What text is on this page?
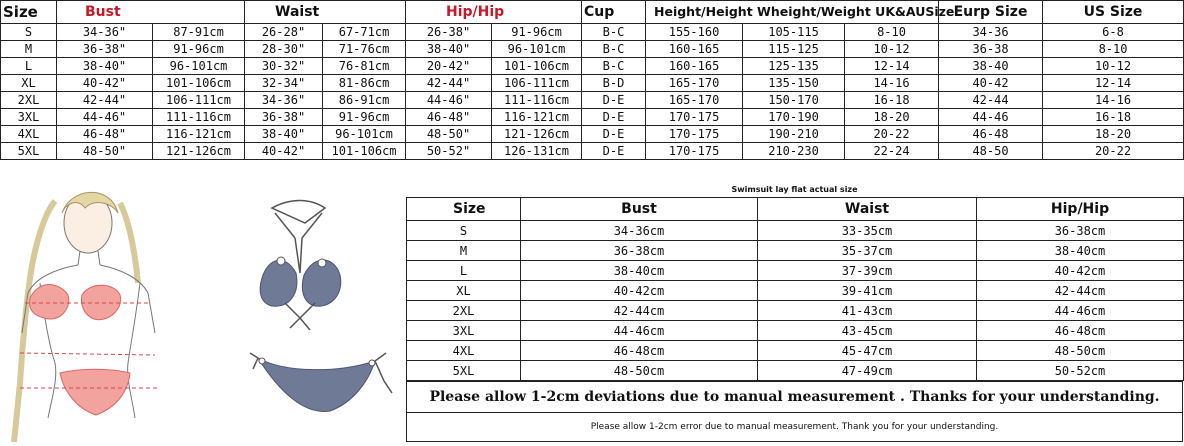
Size	Bust		Waist		Hip/Hip		Cup	Height/Height Wheight/Weight UK&AUSize			Eurp Size	US Size
S	34-36"	87-91cm	26-28"	67-71cm	26-38"	91-96cm	B-C	155-160	105-115	8-10	34-36	6-8
M	36-38"	91-96cm	28-30"	71-76cm	38-40"	96-101cm	B-C	160-165	115-125	10-12	36-38	8-10
L	38-40"	96-101cm	30-32"	76-81cm	20-42"	101-106cm	B-C	160-165	125-135	12-14	38-40	10-12
XL	40-42"	101-106cm	32-34"	81-86cm	42-44"	106-111cm	B-D	165-170	135-150	14-16	40-42	12-14
2XL	42-44"	106-111cm	34-36"	86-91cm	44-46"	111-116cm	D-E	165-170	150-170	16-18	42-44	14-16
3XL	44-46"	111-116cm	36-38"	91-96cm	46-48"	116-121cm	D-E	170-175	170-190	18-20	44-46	16-18
4XL	46-48"	116-121cm	38-40"	96-101cm	48-50"	121-126cm	D-E	170-175	190-210	20-22	46-48	18-20
5XL	48-50"	121-126cm	40-42"	101-106cm	50-52"	126-131cm	D-E	170-175	210-230	22-24	48-50	20-22
Swimsuit lay flat actual size
Size	Bust	Waist	Hip/Hip
S	34-36cm	33-35cm	36-38cm
M	36-38cm	35-37cm	38-40cm
L	38-40cm	37-39cm	40-42cm
XL	40-42cm	39-41cm	42-44cm
2XL	42-44cm	41-43cm	44-46cm
3XL	44-46cm	43-45cm	46-48cm
4XL	46-48cm	45-47cm	48-50cm
5XL	48-50cm	47-49cm	50-52cm
Please allow 1-2cm deviations due to manual measurement . Thanks for your understanding.
Please allow 1-2cm error due to manual measurement. Thank you for your understanding.
